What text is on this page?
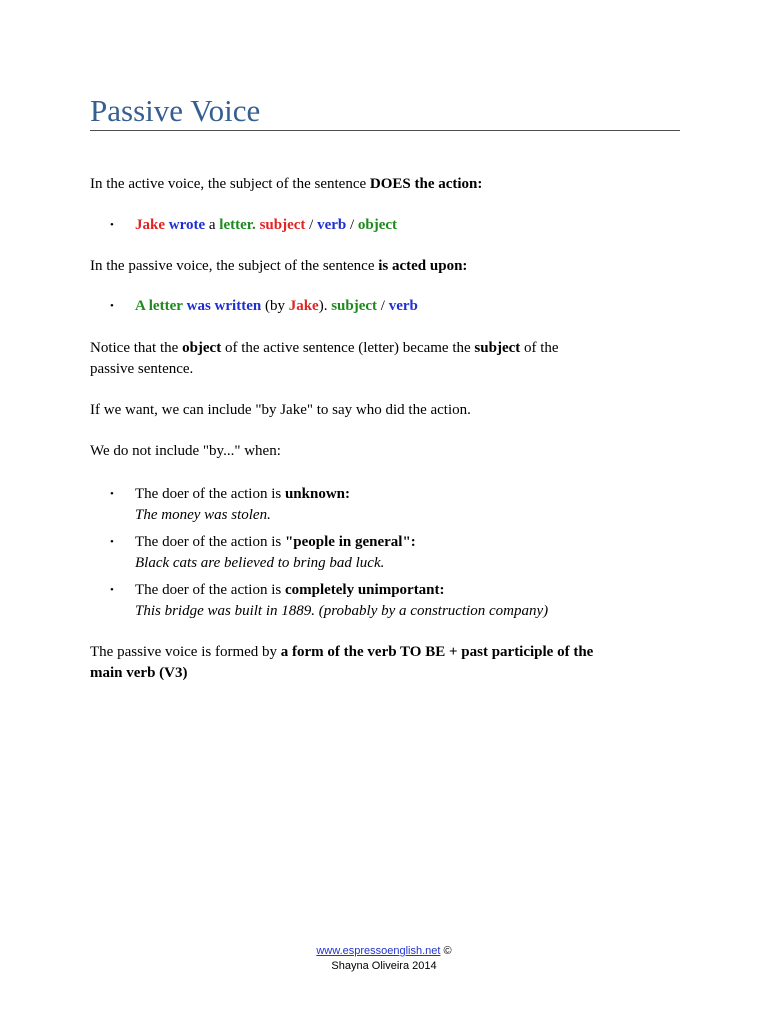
Passive Voice

In the active voice, the subject of the sentence DOES the action:

• Jake wrote a letter. subject / verb / object

In the passive voice, the subject of the sentence is acted upon:

• A letter was written (by Jake). subject / verb

Notice that the object of the active sentence (letter) became the subject of the
passive sentence.

If we want, we can include "by Jake" to say who did the action.

We do not include "by..." when:

• The doer of the action is unknown:
The money was stolen.
• The doer of the action is "people in general":
Black cats are believed to bring bad luck.
• The doer of the action is completely unimportant:
This bridge was built in 1889. (probably by a construction company)

The passive voice is formed by a form of the verb TO BE + past participle of the
main verb (V3)

www.espressoenglish.net ©
Shayna Oliveira 2014
